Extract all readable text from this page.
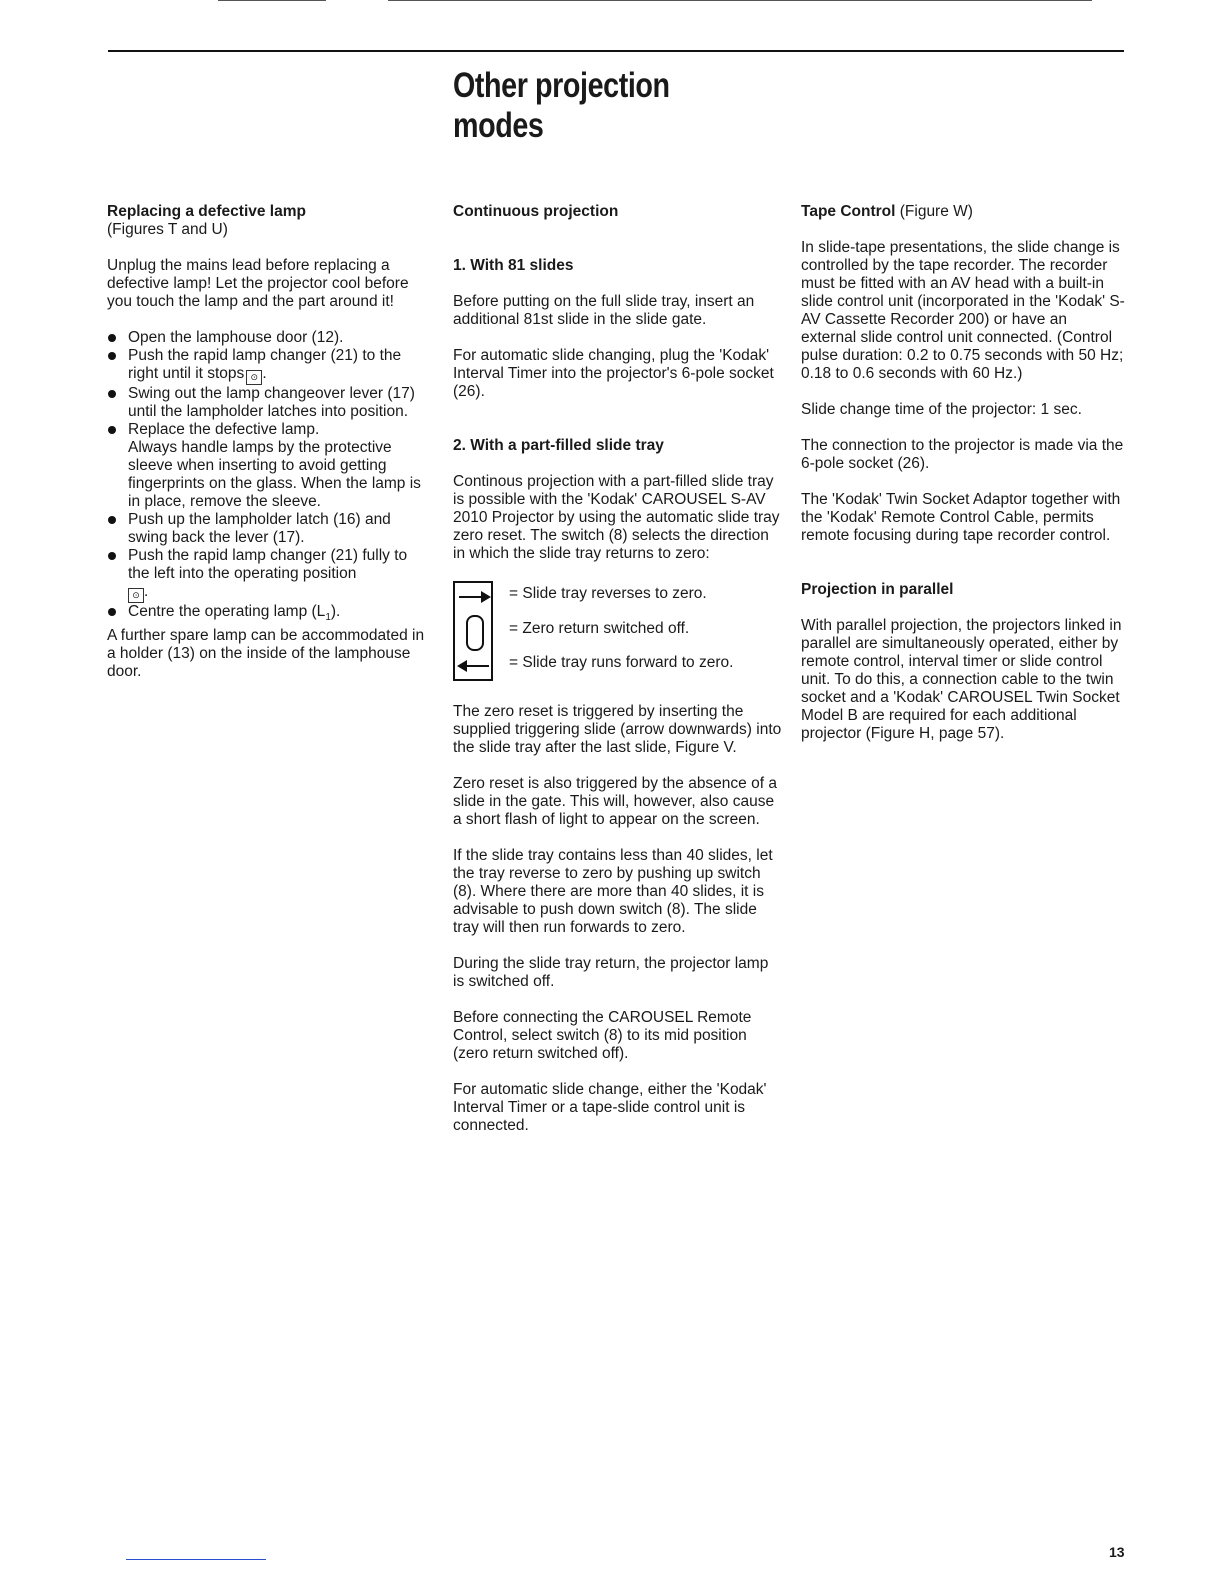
Other projection
modes

Replacing a defective lamp

(Figures T and U)

Unplug the mains lead before replacing a defective lamp! Let the projector cool before you touch the lamp and the part around it!

Open the lamphouse door (12).
Push the rapid lamp changer (21) to the right until it stops ⊙ .
Swing out the lamp changeover lever (17) until the lampholder latches into position.
Replace the defective lamp.
Always handle lamps by the protective sleeve when inserting to avoid getting fingerprints on the glass. When the lamp is in place, remove the sleeve.
Push up the lampholder latch (16) and swing back the lever (17).
Push the rapid lamp changer (21) fully to the left into the operating position
⊙ .
Centre the operating lamp $(L_1)$.

A further spare lamp can be accommodated in a holder (13) on the inside of the lamphouse door.

Continuous projection

1. With 81 slides

Before putting on the full slide tray, insert an additional 81st slide in the slide gate.

For automatic slide changing, plug the 'Kodak' Interval Timer into the projector's 6-pole socket (26).

2. With a part-filled slide tray

Continous projection with a part-filled slide tray is possible with the 'Kodak' CAROUSEL S-AV 2010 Projector by using the automatic slide tray zero reset. The switch (8) selects the direction in which the slide tray returns to zero:

= Slide tray reverses to zero.
= Zero return switched off.
= Slide tray runs forward to zero.

The zero reset is triggered by inserting the supplied triggering slide (arrow downwards) into the slide tray after the last slide, Figure V.

Zero reset is also triggered by the absence of a slide in the gate. This will, however, also cause a short flash of light to appear on the screen.

If the slide tray contains less than 40 slides, let the tray reverse to zero by pushing up switch (8). Where there are more than 40 slides, it is advisable to push down switch (8). The slide tray will then run forwards to zero.

During the slide tray return, the projector lamp is switched off.

Before connecting the CAROUSEL Remote Control, select switch (8) to its mid position (zero return switched off).

For automatic slide change, either the 'Kodak' Interval Timer or a tape-slide control unit is connected.

Tape Control (Figure W)

In slide-tape presentations, the slide change is controlled by the tape recorder. The recorder must be fitted with an AV head with a built-in slide control unit (incorporated in the 'Kodak' S-AV Cassette Recorder 200) or have an external slide control unit connected. (Control pulse duration: 0.2 to 0.75 seconds with 50 Hz; 0.18 to 0.6 seconds with 60 Hz.)

Slide change time of the projector: 1 sec.

The connection to the projector is made via the 6-pole socket (26).

The 'Kodak' Twin Socket Adaptor together with the 'Kodak' Remote Control Cable, permits remote focusing during tape recorder control.

Projection in parallel

With parallel projection, the projectors linked in parallel are simultaneously operated, either by remote control, interval timer or slide control unit. To do this, a connection cable to the twin socket and a 'Kodak' CAROUSEL Twin Socket Model B are required for each additional projector (Figure H, page 57).

13
